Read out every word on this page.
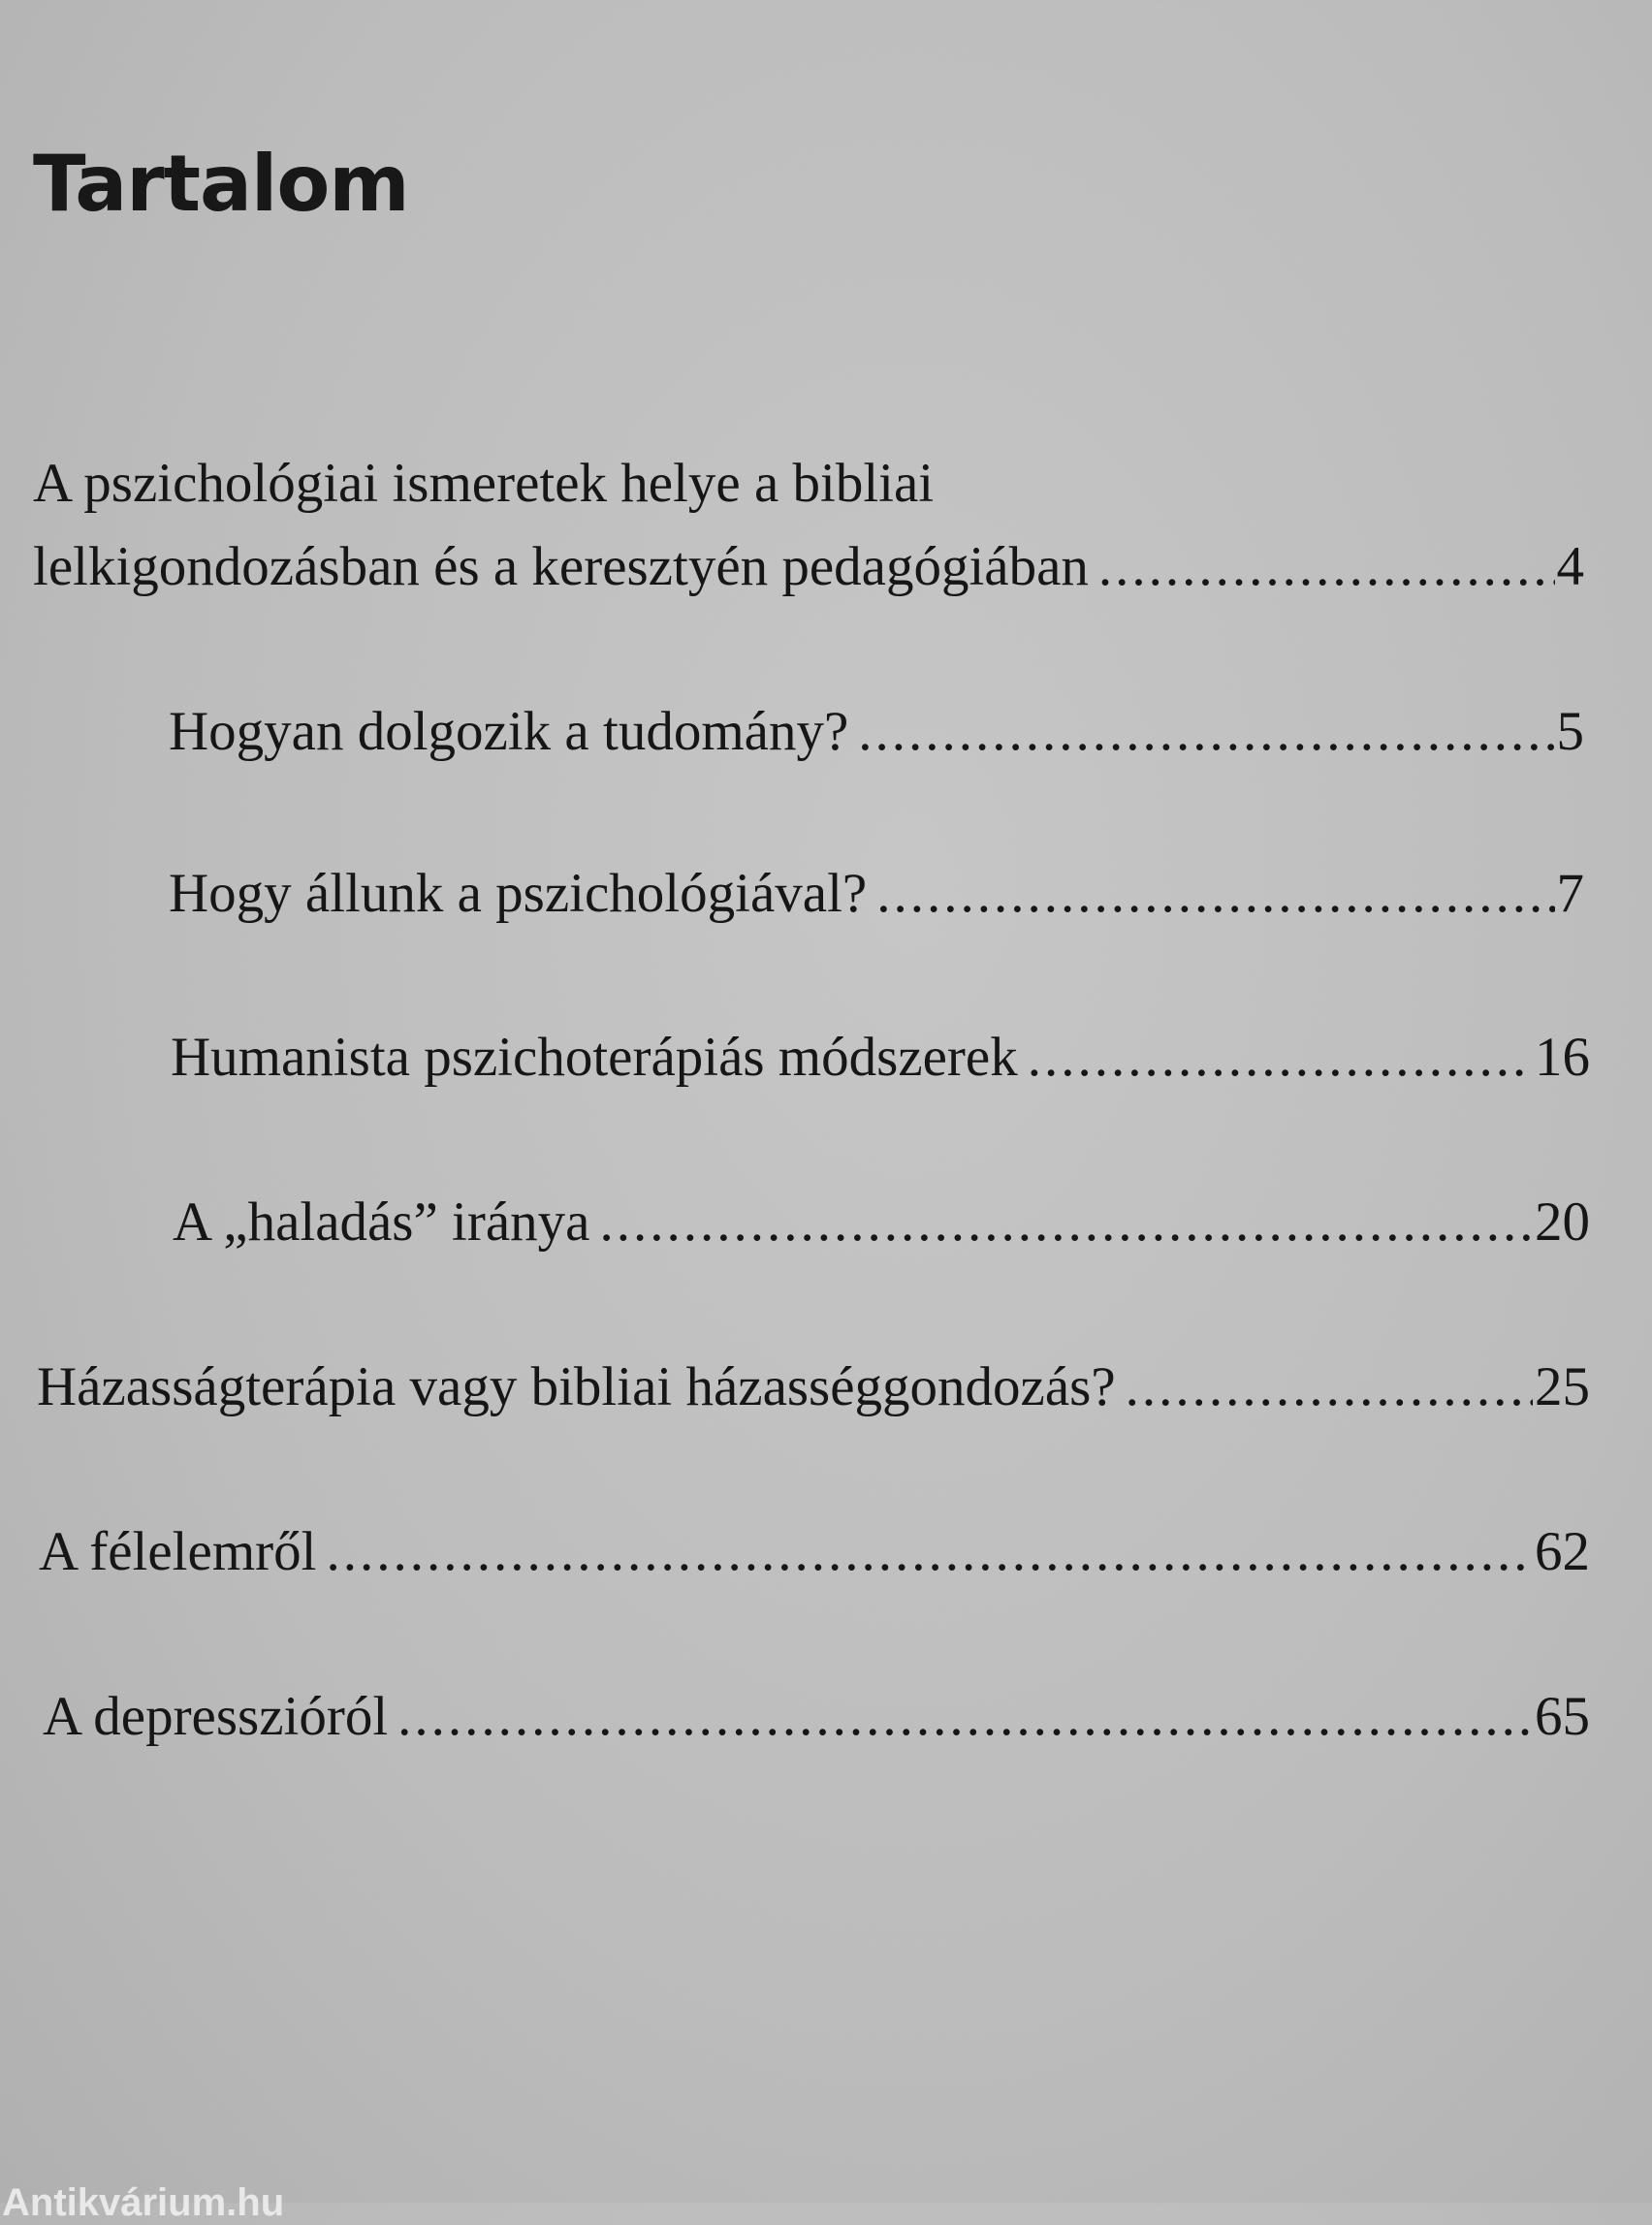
Tartalom
A pszichológiai ismeretek helye a bibliai
lelkigondozásban és a keresztyén pedagógiában .....	4
Hogyan dolgozik a tudomány? .....	5
Hogy állunk a pszichológiával? .....	7
Humanista pszichoterápiás módszerek .....	16
A „haladás” iránya .....	20
Házasságterápia vagy bibliai házasséggondozás? .....	25
A félelemről .....	62
A depresszióról .....	65
Antikvárium.hu
